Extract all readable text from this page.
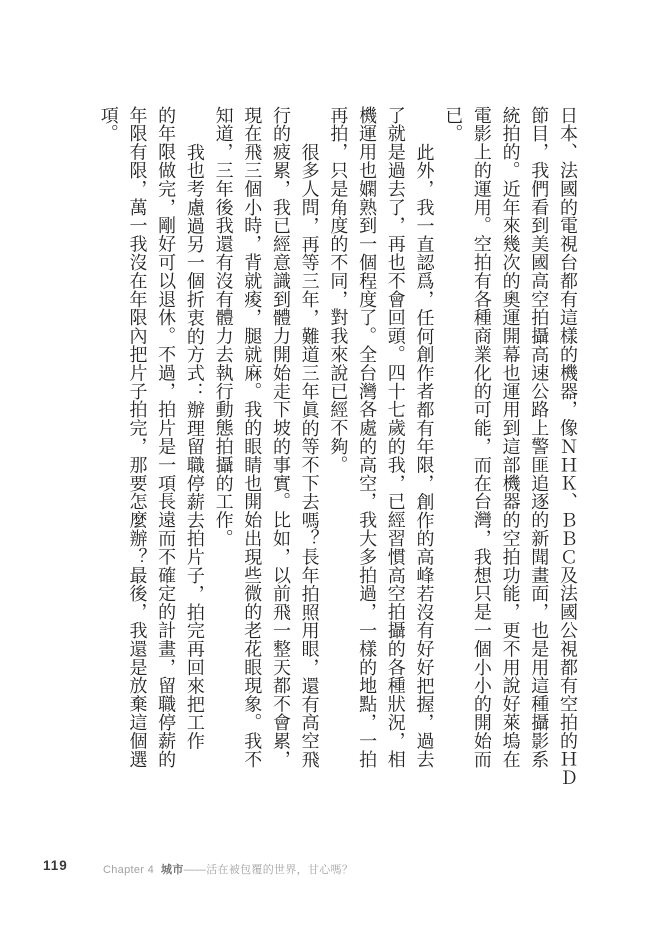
日本、法國的電視台都有這樣的機器，像ＮＨＫ、ＢＢＣ及法國公視都有空拍的ＨＤ
節目，我們看到美國高空拍攝高速公路上警匪追逐的新聞畫面，也是用這種攝影系
統拍的。近年來幾次的奧運開幕也運用到這部機器的空拍功能，更不用說好萊塢在
電影上的運用。空拍有各種商業化的可能，而在台灣，我想只是一個小小的開始而
已。
此外，我一直認爲，任何創作者都有年限，創作的高峰若沒有好好把握，過去
了就是過去了，再也不會回頭。四十七歲的我，已經習慣高空拍攝的各種狀況，相
機運用也嫻熟到一個程度了。全台灣各處的高空，我大多拍過，一樣的地點，一拍
再拍，只是角度的不同，對我來說已經不夠。
很多人問，再等三年，難道三年眞的等不下去嗎？長年拍照用眼，還有高空飛
行的疲累，我已經意識到體力開始走下坡的事實。比如，以前飛一整天都不會累，
現在飛三個小時，背就痠，腿就麻。我的眼睛也開始出現些微的老花眼現象。我不
知道，三年後我還有沒有體力去執行動態拍攝的工作。
我也考慮過另一個折衷的方式：辦理留職停薪去拍片子，拍完再回來把工作
的年限做完，剛好可以退休。不過，拍片是一項長遠而不確定的計畫，留職停薪的
年限有限，萬一我沒在年限內把片子拍完，那要怎麼辦？最後，我還是放棄這個選
項。
119	Chapter 4 城市——活在被包覆的世界，甘心嗎？
